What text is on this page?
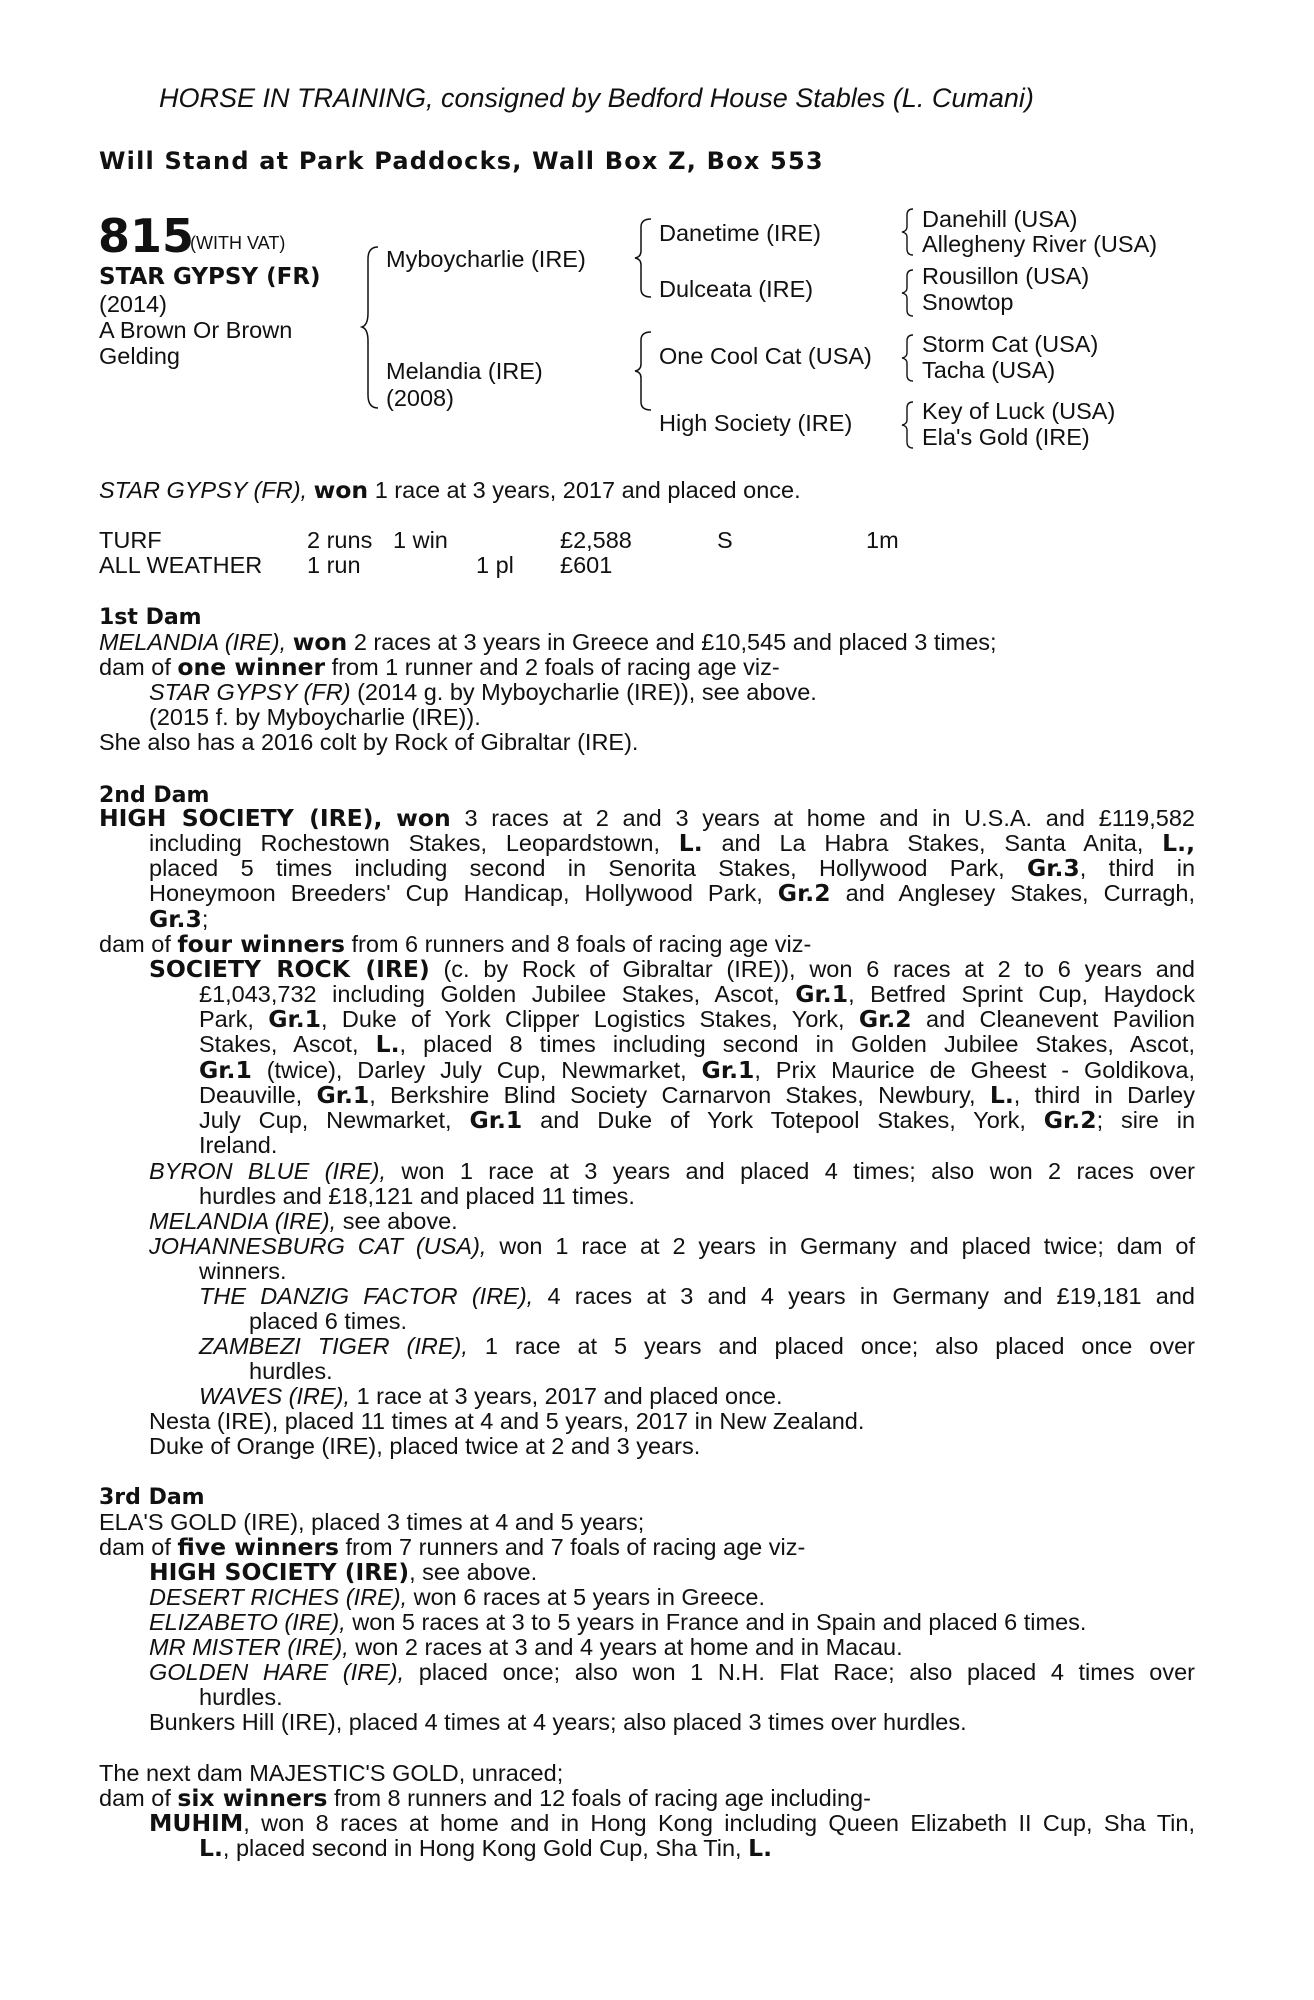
HORSE IN TRAINING, consigned by Bedford House Stables (L. Cumani)
Will Stand at Park Paddocks, Wall Box Z, Box 553
815
(WITH VAT)
STAR GYPSY (FR)
(2014)
A Brown Or Brown
Gelding
Myboycharlie (IRE)
Melandia (IRE)
(2008)
Danetime (IRE)
Dulceata (IRE)
One Cool Cat (USA)
High Society (IRE)
Danehill (USA)
Allegheny River (USA)
Rousillon (USA)
Snowtop
Storm Cat (USA)
Tacha (USA)
Key of Luck (USA)
Ela's Gold (IRE)
STAR GYPSY (FR), won 1 race at 3 years, 2017 and placed once.
TURF	2 runs 1 win	£2,588	S	1m
ALL WEATHER 1 run	1 pl £601
1st Dam
MELANDIA (IRE), won 2 races at 3 years in Greece and £10,545 and placed 3 times;
dam of one winner from 1 runner and 2 foals of racing age viz-
STAR GYPSY (FR) (2014 g. by Myboycharlie (IRE)), see above.
(2015 f. by Myboycharlie (IRE)).
She also has a 2016 colt by Rock of Gibraltar (IRE).
2nd Dam
HIGH SOCIETY (IRE), won 3 races at 2 and 3 years at home and in U.S.A. and £119,582
including Rochestown Stakes, Leopardstown, L. and La Habra Stakes, Santa Anita, L.,
placed 5 times including second in Senorita Stakes, Hollywood Park, Gr.3, third in
Honeymoon Breeders' Cup Handicap, Hollywood Park, Gr.2 and Anglesey Stakes, Curragh,
Gr.3;
dam of four winners from 6 runners and 8 foals of racing age viz-
SOCIETY ROCK (IRE) (c. by Rock of Gibraltar (IRE)), won 6 races at 2 to 6 years and
£1,043,732 including Golden Jubilee Stakes, Ascot, Gr.1, Betfred Sprint Cup, Haydock
Park, Gr.1, Duke of York Clipper Logistics Stakes, York, Gr.2 and Cleanevent Pavilion
Stakes, Ascot, L., placed 8 times including second in Golden Jubilee Stakes, Ascot,
Gr.1 (twice), Darley July Cup, Newmarket, Gr.1, Prix Maurice de Gheest - Goldikova,
Deauville, Gr.1, Berkshire Blind Society Carnarvon Stakes, Newbury, L., third in Darley
July Cup, Newmarket, Gr.1 and Duke of York Totepool Stakes, York, Gr.2; sire in
Ireland.
BYRON BLUE (IRE), won 1 race at 3 years and placed 4 times; also won 2 races over
hurdles and £18,121 and placed 11 times.
MELANDIA (IRE), see above.
JOHANNESBURG CAT (USA), won 1 race at 2 years in Germany and placed twice; dam of
winners.
THE DANZIG FACTOR (IRE), 4 races at 3 and 4 years in Germany and £19,181 and
placed 6 times.
ZAMBEZI TIGER (IRE), 1 race at 5 years and placed once; also placed once over
hurdles.
WAVES (IRE), 1 race at 3 years, 2017 and placed once.
Nesta (IRE), placed 11 times at 4 and 5 years, 2017 in New Zealand.
Duke of Orange (IRE), placed twice at 2 and 3 years.
3rd Dam
ELA'S GOLD (IRE), placed 3 times at 4 and 5 years;
dam of five winners from 7 runners and 7 foals of racing age viz-
HIGH SOCIETY (IRE), see above.
DESERT RICHES (IRE), won 6 races at 5 years in Greece.
ELIZABETO (IRE), won 5 races at 3 to 5 years in France and in Spain and placed 6 times.
MR MISTER (IRE), won 2 races at 3 and 4 years at home and in Macau.
GOLDEN HARE (IRE), placed once; also won 1 N.H. Flat Race; also placed 4 times over
hurdles.
Bunkers Hill (IRE), placed 4 times at 4 years; also placed 3 times over hurdles.
The next dam MAJESTIC'S GOLD, unraced;
dam of six winners from 8 runners and 12 foals of racing age including-
MUHIM, won 8 races at home and in Hong Kong including Queen Elizabeth II Cup, Sha Tin,
L., placed second in Hong Kong Gold Cup, Sha Tin, L.
